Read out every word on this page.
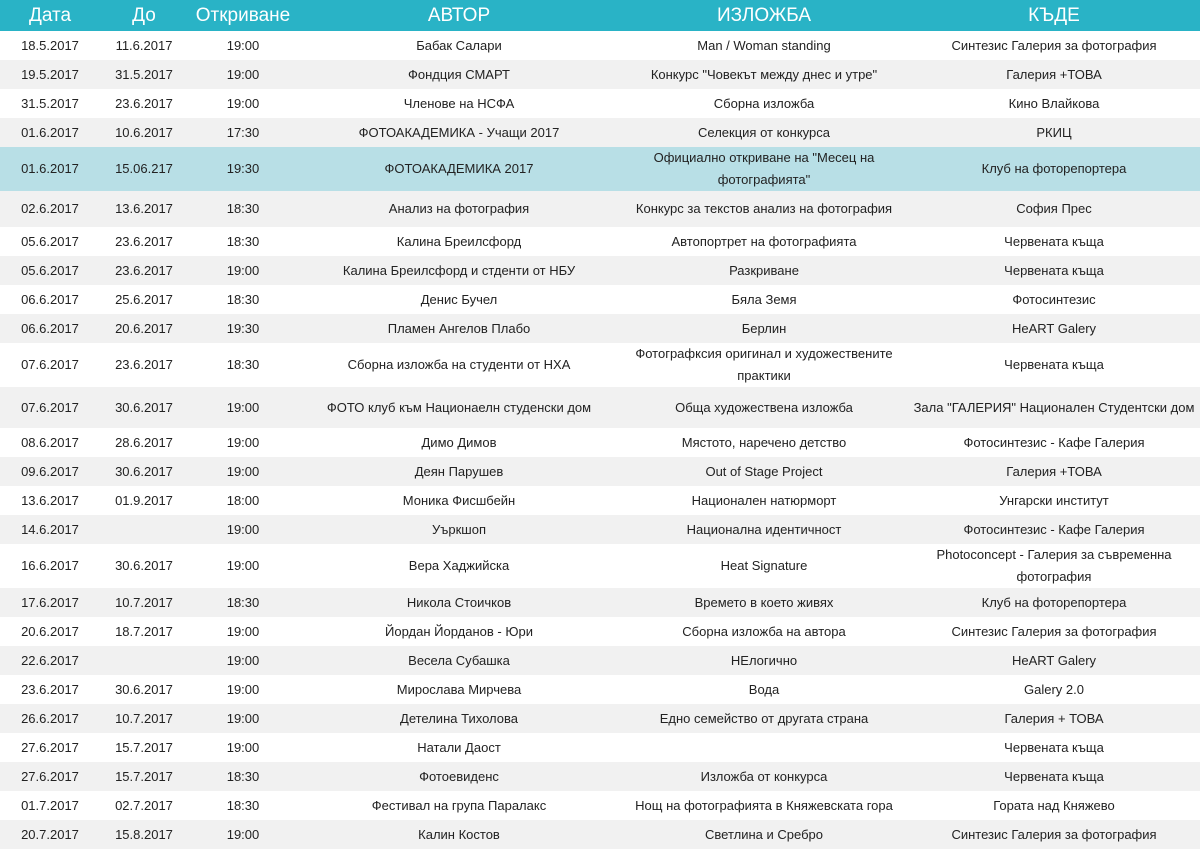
Дата	До	Откриване	АВТОР	ИЗЛОЖБА	КЪДЕ
18.5.2017	11.6.2017	19:00	Бабак Салари	Man / Woman standing	Синтезис Галерия за фотография
19.5.2017	31.5.2017	19:00	Фондция СМАРТ	Конкурс "Човекът между днес и утре"	Галерия +ТОВА
31.5.2017	23.6.2017	19:00	Членове на НСФА	Сборна изложба	Кино Влайкова
01.6.2017	10.6.2017	17:30	ФОТОАКАДЕМИКА - Учащи 2017	Селекция от конкурса	РКИЦ
01.6.2017	15.06.217	19:30	ФОТОАКАДЕМИКА 2017	Официално откриване на "Месец на фотографията"	Клуб на фоторепортера
02.6.2017	13.6.2017	18:30	Анализ на фотография	Конкурс за текстов анализ на фотография	София Прес
05.6.2017	23.6.2017	18:30	Калина Бреилсфорд	Автопортрет на фотографията	Червената къща
05.6.2017	23.6.2017	19:00	Калина Бреилсфорд и стденти от НБУ	Разкриване	Червената къща
06.6.2017	25.6.2017	18:30	Денис Бучел	Бяла Земя	Фотосинтезис
06.6.2017	20.6.2017	19:30	Пламен Ангелов Плабо	Берлин	HeART Galery
07.6.2017	23.6.2017	18:30	Сборна изложба на студенти от НХА	Фотографксия оригинал и художествените практики	Червената къща
07.6.2017	30.6.2017	19:00	ФОТО клуб към Национаелн студенски дом	Обща художествена изложба	Зала "ГАЛЕРИЯ" Национален Студентски дом
08.6.2017	28.6.2017	19:00	Димо Димов	Мястото, наречено детство	Фотосинтезис - Кафе Галерия
09.6.2017	30.6.2017	19:00	Деян Парушев	Out of Stage Project	Галерия +ТОВА
13.6.2017	01.9.2017	18:00	Моника Фисшбейн	Национален натюрморт	Унгарски институт
14.6.2017		19:00	Уъркшоп	Национална идентичност	Фотосинтезис - Кафе Галерия
16.6.2017	30.6.2017	19:00	Вера Хаджийска	Heat Signature	Photoconcept - Галерия за съвременна фотография
17.6.2017	10.7.2017	18:30	Никола Стоичков	Времето в което живях	Клуб на фоторепортера
20.6.2017	18.7.2017	19:00	Йордан Йорданов - Юри	Сборна изложба на автора	Синтезис Галерия за фотография
22.6.2017		19:00	Весела Субашка	НЕлогично	HeART Galery
23.6.2017	30.6.2017	19:00	Мирослава Мирчева	Вода	Galery 2.0
26.6.2017	10.7.2017	19:00	Детелина Тихолова	Едно семейство от другата страна	Галерия + ТОВА
27.6.2017	15.7.2017	19:00	Натали Даост		Червената къща
27.6.2017	15.7.2017	18:30	Фотоевиденс	Изложба от конкурса	Червената къща
01.7.2017	02.7.2017	18:30	Фестивал на група Паралакс	Нощ на фотографията в Княжевската гора	Гората над Княжево
20.7.2017	15.8.2017	19:00	Калин Костов	Светлина и Сребро	Синтезис Галерия за фотография
